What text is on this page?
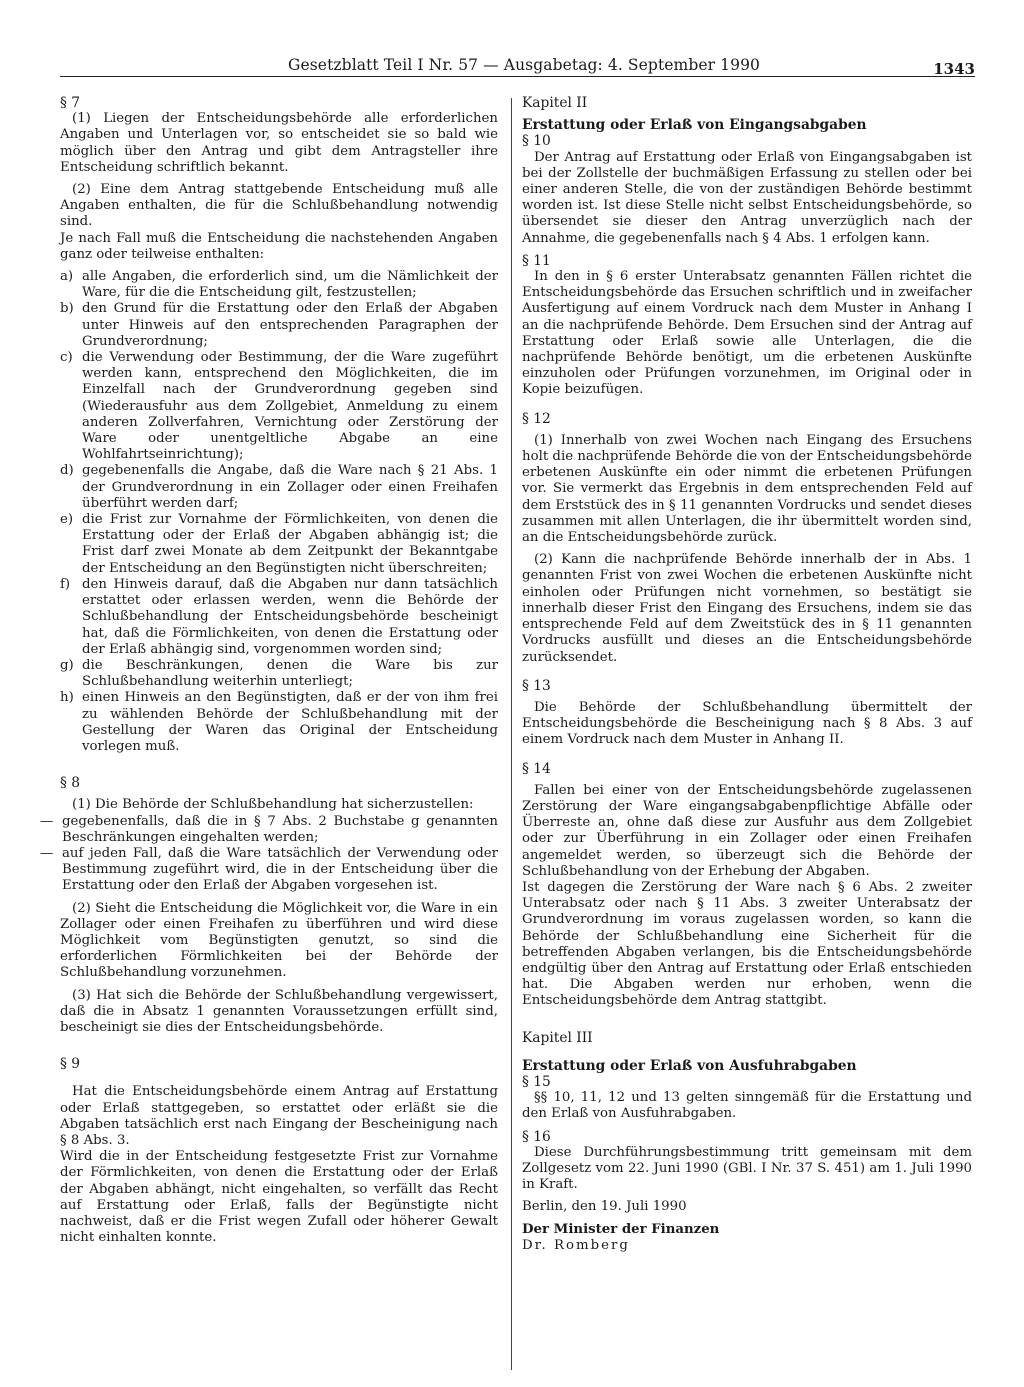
Gesetzblatt Teil I Nr. 57 — Ausgabetag: 4. September 1990	1343

§ 7

(1) Liegen der Entscheidungsbehörde alle erforderlichen Angaben und Unterlagen vor, so entscheidet sie so bald wie möglich über den Antrag und gibt dem Antragsteller ihre Entscheidung schriftlich bekannt.

(2) Eine dem Antrag stattgebende Entscheidung muß alle Angaben enthalten, die für die Schlußbehandlung notwendig sind.

Je nach Fall muß die Entscheidung die nachstehenden Angaben ganz oder teilweise enthalten:

a) alle Angaben, die erforderlich sind, um die Nämlichkeit der Ware, für die die Entscheidung gilt, festzustellen;
b) den Grund für die Erstattung oder den Erlaß der Abgaben unter Hinweis auf den entsprechenden Paragraphen der Grundverordnung;
c) die Verwendung oder Bestimmung, der die Ware zugeführt werden kann, entsprechend den Möglichkeiten, die im Einzelfall nach der Grundverordnung gegeben sind (Wiederausfuhr aus dem Zollgebiet, Anmeldung zu einem anderen Zollverfahren, Vernichtung oder Zerstörung der Ware oder unentgeltliche Abgabe an eine Wohlfahrtseinrichtung);
d) gegebenenfalls die Angabe, daß die Ware nach § 21 Abs. 1 der Grundverordnung in ein Zollager oder einen Freihafen überführt werden darf;
e) die Frist zur Vornahme der Förmlichkeiten, von denen die Erstattung oder der Erlaß der Abgaben abhängig ist; die Frist darf zwei Monate ab dem Zeitpunkt der Bekanntgabe der Entscheidung an den Begünstigten nicht überschreiten;
f) den Hinweis darauf, daß die Abgaben nur dann tatsächlich erstattet oder erlassen werden, wenn die Behörde der Schlußbehandlung der Entscheidungsbehörde bescheinigt hat, daß die Förmlichkeiten, von denen die Erstattung oder der Erlaß abhängig sind, vorgenommen worden sind;
g) die Beschränkungen, denen die Ware bis zur Schlußbehandlung weiterhin unterliegt;
h) einen Hinweis an den Begünstigten, daß er der von ihm frei zu wählenden Behörde der Schlußbehandlung mit der Gestellung der Waren das Original der Entscheidung vorlegen muß.

§ 8

(1) Die Behörde der Schlußbehandlung hat sicherzustellen:

— gegebenenfalls, daß die in § 7 Abs. 2 Buchstabe g genannten Beschränkungen eingehalten werden;
— auf jeden Fall, daß die Ware tatsächlich der Verwendung oder Bestimmung zugeführt wird, die in der Entscheidung über die Erstattung oder den Erlaß der Abgaben vorgesehen ist.

(2) Sieht die Entscheidung die Möglichkeit vor, die Ware in ein Zollager oder einen Freihafen zu überführen und wird diese Möglichkeit vom Begünstigten genutzt, so sind die erforderlichen Förmlichkeiten bei der Behörde der Schlußbehandlung vorzunehmen.

(3) Hat sich die Behörde der Schlußbehandlung vergewissert, daß die in Absatz 1 genannten Voraussetzungen erfüllt sind, bescheinigt sie dies der Entscheidungsbehörde.

§ 9

Hat die Entscheidungsbehörde einem Antrag auf Erstattung oder Erlaß stattgegeben, so erstattet oder erläßt sie die Abgaben tatsächlich erst nach Eingang der Bescheinigung nach § 8 Abs. 3.

Wird die in der Entscheidung festgesetzte Frist zur Vornahme der Förmlichkeiten, von denen die Erstattung oder der Erlaß der Abgaben abhängt, nicht eingehalten, so verfällt das Recht auf Erstattung oder Erlaß, falls der Begünstigte nicht nachweist, daß er die Frist wegen Zufall oder höherer Gewalt nicht einhalten konnte.

Kapitel II

Erstattung oder Erlaß von Eingangsabgaben

§ 10

Der Antrag auf Erstattung oder Erlaß von Eingangsabgaben ist bei der Zollstelle der buchmäßigen Erfassung zu stellen oder bei einer anderen Stelle, die von der zuständigen Behörde bestimmt worden ist. Ist diese Stelle nicht selbst Entscheidungsbehörde, so übersendet sie dieser den Antrag unverzüglich nach der Annahme, die gegebenenfalls nach § 4 Abs. 1 erfolgen kann.

§ 11

In den in § 6 erster Unterabsatz genannten Fällen richtet die Entscheidungsbehörde das Ersuchen schriftlich und in zweifacher Ausfertigung auf einem Vordruck nach dem Muster in Anhang I an die nachprüfende Behörde. Dem Ersuchen sind der Antrag auf Erstattung oder Erlaß sowie alle Unterlagen, die die nachprüfende Behörde benötigt, um die erbetenen Auskünfte einzuholen oder Prüfungen vorzunehmen, im Original oder in Kopie beizufügen.

§ 12

(1) Innerhalb von zwei Wochen nach Eingang des Ersuchens holt die nachprüfende Behörde die von der Entscheidungsbehörde erbetenen Auskünfte ein oder nimmt die erbetenen Prüfungen vor. Sie vermerkt das Ergebnis in dem entsprechenden Feld auf dem Erststück des in § 11 genannten Vordrucks und sendet dieses zusammen mit allen Unterlagen, die ihr übermittelt worden sind, an die Entscheidungsbehörde zurück.

(2) Kann die nachprüfende Behörde innerhalb der in Abs. 1 genannten Frist von zwei Wochen die erbetenen Auskünfte nicht einholen oder Prüfungen nicht vornehmen, so bestätigt sie innerhalb dieser Frist den Eingang des Ersuchens, indem sie das entsprechende Feld auf dem Zweitstück des in § 11 genannten Vordrucks ausfüllt und dieses an die Entscheidungsbehörde zurücksendet.

§ 13

Die Behörde der Schlußbehandlung übermittelt der Entscheidungsbehörde die Bescheinigung nach § 8 Abs. 3 auf einem Vordruck nach dem Muster in Anhang II.

§ 14

Fallen bei einer von der Entscheidungsbehörde zugelassenen Zerstörung der Ware eingangsabgabenpflichtige Abfälle oder Überreste an, ohne daß diese zur Ausfuhr aus dem Zollgebiet oder zur Überführung in ein Zollager oder einen Freihafen angemeldet werden, so überzeugt sich die Behörde der Schlußbehandlung von der Erhebung der Abgaben.

Ist dagegen die Zerstörung der Ware nach § 6 Abs. 2 zweiter Unterabsatz oder nach § 11 Abs. 3 zweiter Unterabsatz der Grundverordnung im voraus zugelassen worden, so kann die Behörde der Schlußbehandlung eine Sicherheit für die betreffenden Abgaben verlangen, bis die Entscheidungsbehörde endgültig über den Antrag auf Erstattung oder Erlaß entschieden hat. Die Abgaben werden nur erhoben, wenn die Entscheidungsbehörde dem Antrag stattgibt.

Kapitel III

Erstattung oder Erlaß von Ausfuhrabgaben

§ 15

§§ 10, 11, 12 und 13 gelten sinngemäß für die Erstattung und den Erlaß von Ausfuhrabgaben.

§ 16

Diese Durchführungsbestimmung tritt gemeinsam mit dem Zollgesetz vom 22. Juni 1990 (GBl. I Nr. 37 S. 451) am 1. Juli 1990 in Kraft.

Berlin, den 19. Juli 1990

Der Minister der Finanzen

Dr. Romberg
